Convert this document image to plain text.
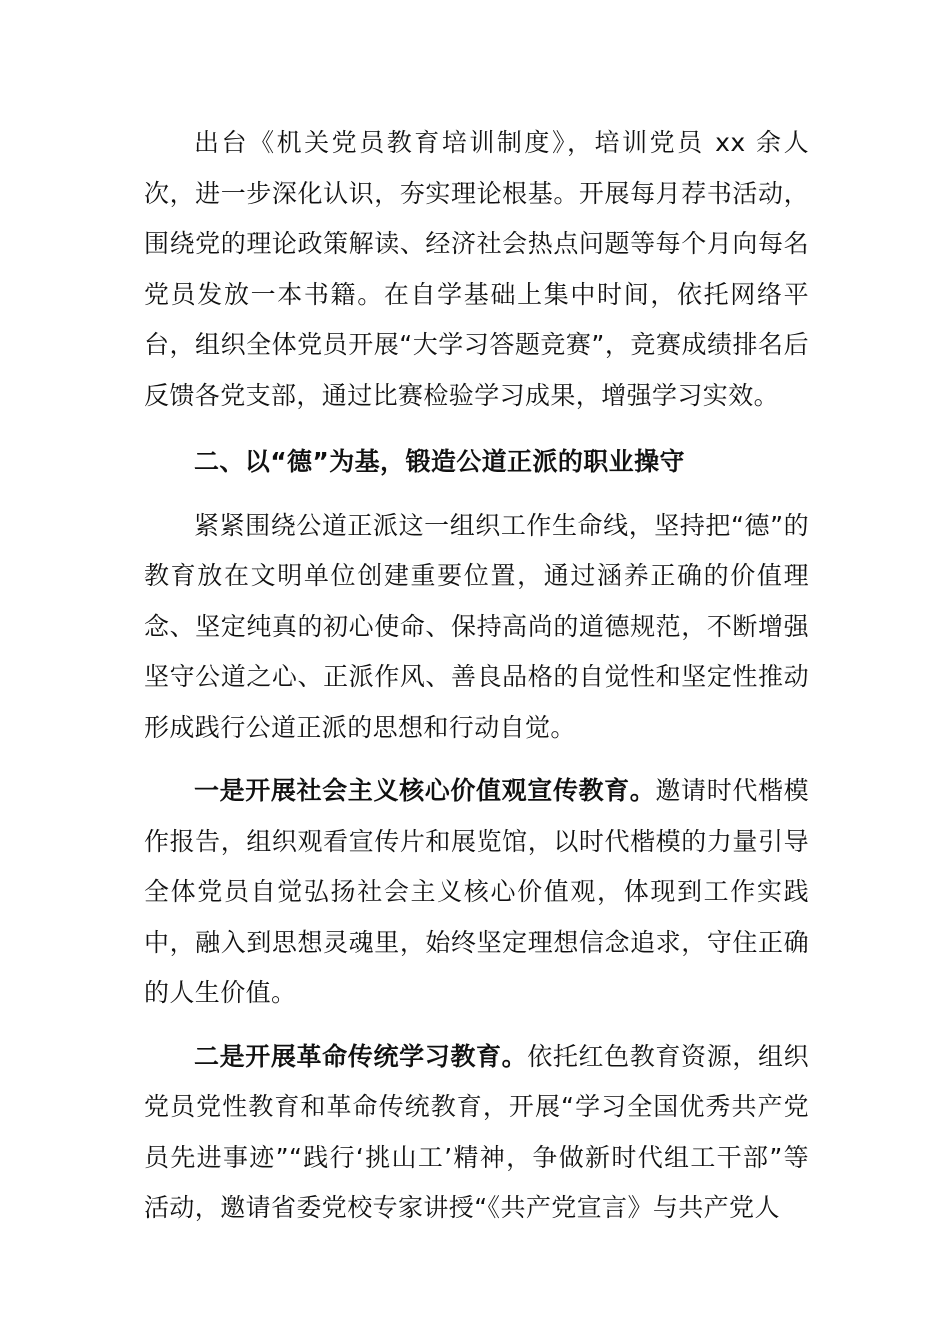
出台《机关党员教育培训制度》，培训党员 xx 余人次，进一步深化认识，夯实理论根基。开展每月荐书活动，围绕党的理论政策解读、经济社会热点问题等每个月向每名党员发放一本书籍。在自学基础上集中时间，依托网络平台，组织全体党员开展“大学习答题竞赛”，竞赛成绩排名后反馈各党支部，通过比赛检验学习成果，增强学习实效。

二、以“德”为基，锻造公道正派的职业操守

紧紧围绕公道正派这一组织工作生命线，坚持把“德”的教育放在文明单位创建重要位置，通过涵养正确的价值理念、坚定纯真的初心使命、保持高尚的道德规范，不断增强坚守公道之心、正派作风、善良品格的自觉性和坚定性推动形成践行公道正派的思想和行动自觉。

一是开展社会主义核心价值观宣传教育。邀请时代楷模作报告，组织观看宣传片和展览馆，以时代楷模的力量引导全体党员自觉弘扬社会主义核心价值观，体现到工作实践中，融入到思想灵魂里，始终坚定理想信念追求，守住正确的人生价值。

二是开展革命传统学习教育。依托红色教育资源，组织党员党性教育和革命传统教育，开展“学习全国优秀共产党员先进事迹”“践行‘挑山工’精神，争做新时代组工干部”等活动，邀请省委党校专家讲授“《共产党宣言》与共产党人
